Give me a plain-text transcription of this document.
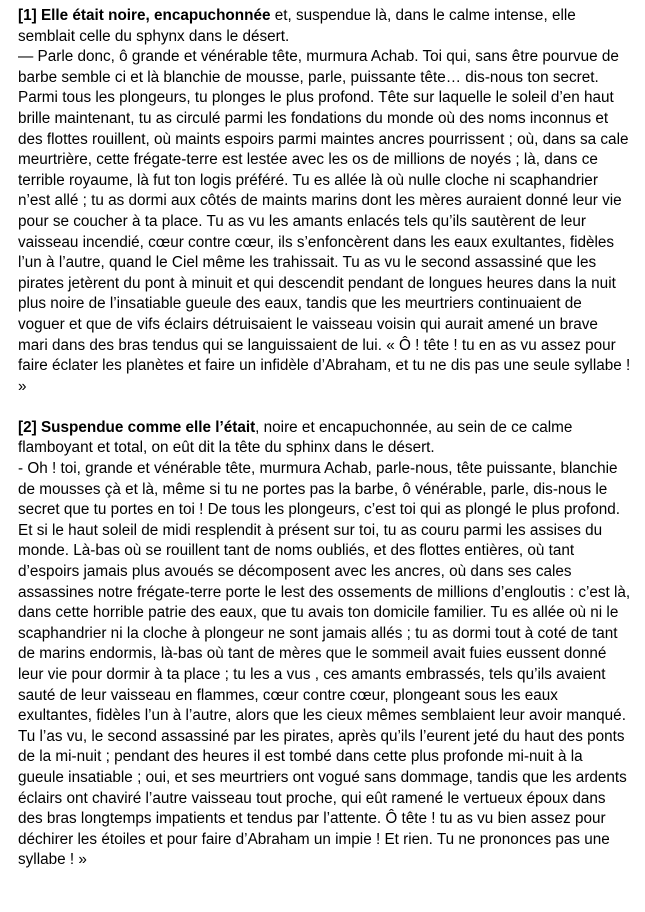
[1] Elle était noire, encapuchonnée et, suspendue là, dans le calme intense, elle semblait celle du sphynx dans le désert.

— Parle donc, ô grande et vénérable tête, murmura Achab. Toi qui, sans être pourvue de barbe semble ci et là blanchie de mousse, parle, puissante tête… dis-nous ton secret. Parmi tous les plongeurs, tu plonges le plus profond. Tête sur laquelle le soleil d’en haut brille maintenant, tu as circulé parmi les fondations du monde où des noms inconnus et des flottes rouillent, où maints espoirs parmi maintes ancres pourrissent ; où, dans sa cale meurtrière, cette frégate-terre est lestée avec les os de millions de noyés ; là, dans ce terrible royaume, là fut ton logis préféré. Tu es allée là où nulle cloche ni scaphandrier n’est allé ; tu as dormi aux côtés de maints marins dont les mères auraient donné leur vie pour se coucher à ta place. Tu as vu les amants enlacés tels qu’ils sautèrent de leur vaisseau incendié, cœur contre cœur, ils s’enfoncèrent dans les eaux exultantes, fidèles l’un à l’autre, quand le Ciel même les trahissait. Tu as vu le second assassiné que les pirates jetèrent du pont à minuit et qui descendit pendant de longues heures dans la nuit plus noire de l’insatiable gueule des eaux, tandis que les meurtriers continuaient de voguer et que de vifs éclairs détruisaient le vaisseau voisin qui aurait amené un brave mari dans des bras tendus qui se languissaient de lui. « Ô ! tête ! tu en as vu assez pour faire éclater les planètes et faire un infidèle d’Abraham, et tu ne dis pas une seule syllabe ! »

[2] Suspendue comme elle l’était, noire et encapuchonnée, au sein de ce calme flamboyant et total, on eût dit la tête du sphinx dans le désert.

- Oh ! toi, grande et vénérable tête, murmura Achab, parle-nous, tête puissante, blanchie de mousses çà et là, même si tu ne portes pas la barbe, ô vénérable, parle, dis-nous le secret que tu portes en toi ! De tous les plongeurs, c’est toi qui as plongé le plus profond. Et si le haut soleil de midi resplendit à présent sur toi, tu as couru parmi les assises du monde. Là-bas où se rouillent tant de noms oubliés, et des flottes entières, où tant d’espoirs jamais plus avoués se décomposent avec les ancres, où dans ses cales assassines notre frégate-terre porte le lest des ossements de millions d’engloutis : c’est là, dans cette horrible patrie des eaux, que tu avais ton domicile familier. Tu es allée où ni le scaphandrier ni la cloche à plongeur ne sont jamais allés ; tu as dormi tout à coté de tant de marins endormis, là-bas où tant de mères que le sommeil avait fuies eussent donné leur vie pour dormir à ta place ; tu les a vus , ces amants embrassés, tels qu’ils avaient sauté de leur vaisseau en flammes, cœur contre cœur, plongeant sous les eaux exultantes, fidèles l’un à l’autre, alors que les cieux mêmes semblaient leur avoir manqué. Tu l’as vu, le second assassiné par les pirates, après qu’ils l’eurent jeté du haut des ponts de la mi-nuit ; pendant des heures il est tombé dans cette plus profonde mi-nuit à la gueule insatiable ; oui, et ses meurtriers ont vogué sans dommage, tandis que les ardents éclairs ont chaviré l’autre vaisseau tout proche, qui eût ramené le vertueux époux dans des bras longtemps impatients et tendus par l’attente. Ô tête ! tu as vu bien assez pour déchirer les étoiles et pour faire d’Abraham un impie ! Et rien. Tu ne prononces pas une syllabe ! »
